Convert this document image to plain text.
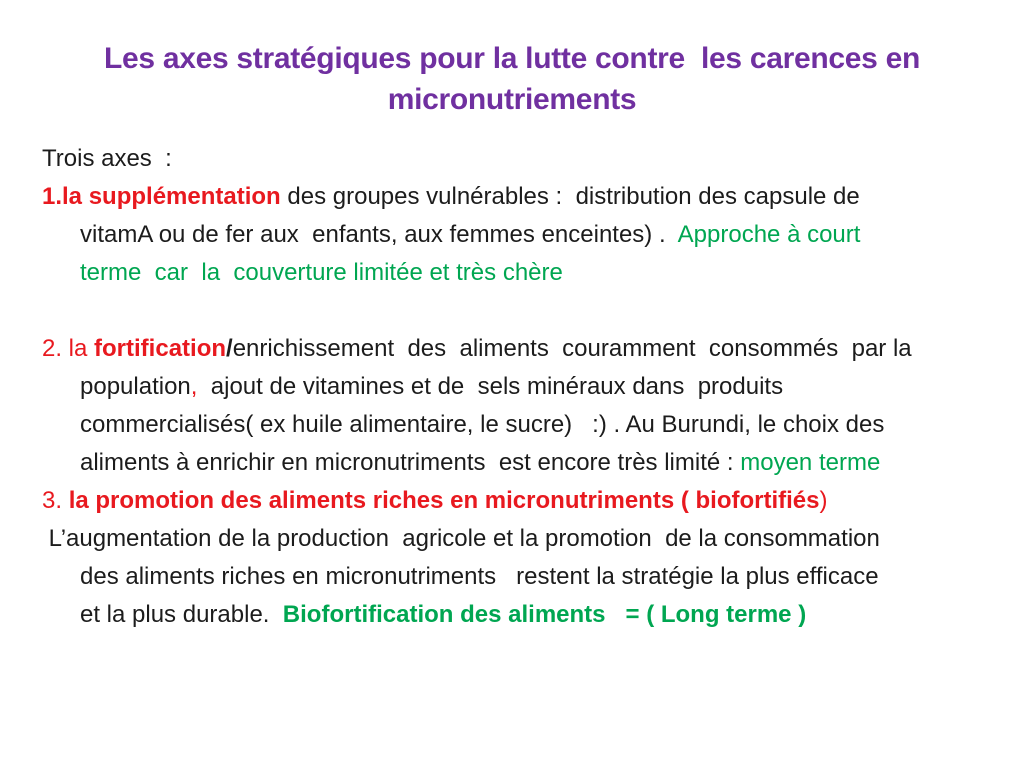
Les axes stratégiques pour la lutte contre  les carences en
micronutriements
Trois axes  :
1.la supplémentation des groupes vulnérables :  distribution des capsule de
vitamA ou de fer aux  enfants, aux femmes enceintes) .  Approche à court
terme  car  la  couverture limitée et très chère
2. la fortification/enrichissement  des  aliments  couramment  consommés  par la
population,  ajout de vitamines et de  sels minéraux dans  produits
commercialisés( ex huile alimentaire, le sucre)   :) . Au Burundi, le choix des
aliments à enrichir en micronutriments  est encore très limité : moyen terme
3. la promotion des aliments riches en micronutriments ( biofortifiés)
L’augmentation de la production  agricole et la promotion  de la consommation
des aliments riches en micronutriments   restent la stratégie la plus efficace
et la plus durable.  Biofortification des aliments   = ( Long terme )
